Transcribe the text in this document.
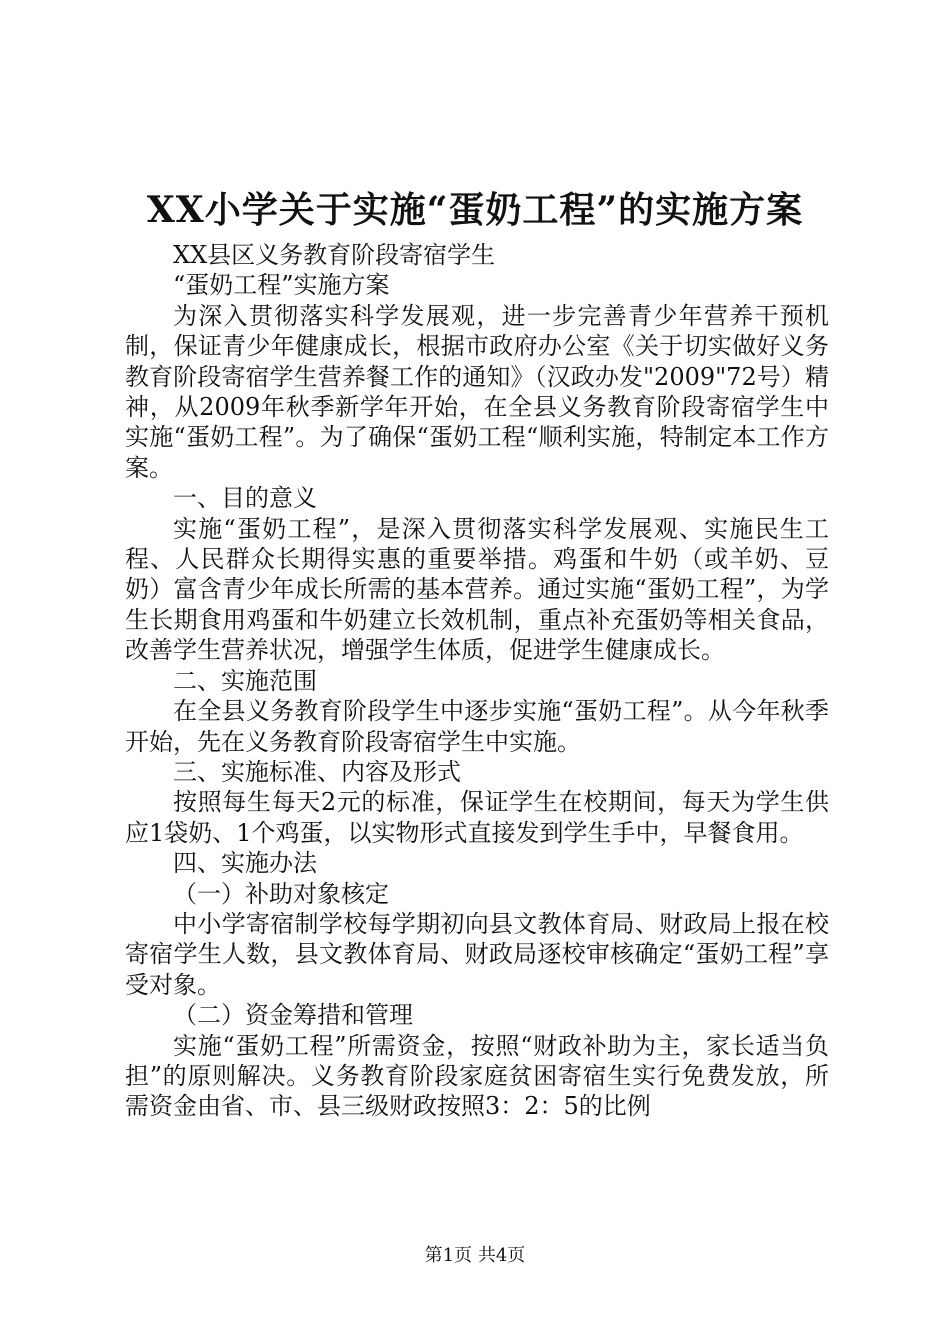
XX小学关于实施“蛋奶工程”的实施方案

XX县区义务教育阶段寄宿学生

“蛋奶工程”实施方案

为深入贯彻落实科学发展观，进一步完善青少年营养干预机制，保证青少年健康成长，根据市政府办公室《关于切实做好义务教育阶段寄宿学生营养餐工作的通知》（汉政办发"2009"72号）精神，从2009年秋季新学年开始，在全县义务教育阶段寄宿学生中实施“蛋奶工程”。为了确保“蛋奶工程“顺利实施，特制定本工作方案。

一、目的意义

实施“蛋奶工程”，是深入贯彻落实科学发展观、实施民生工程、人民群众长期得实惠的重要举措。鸡蛋和牛奶（或羊奶、豆奶）富含青少年成长所需的基本营养。通过实施“蛋奶工程”，为学生长期食用鸡蛋和牛奶建立长效机制，重点补充蛋奶等相关食品，改善学生营养状况，增强学生体质，促进学生健康成长。

二、实施范围

在全县义务教育阶段学生中逐步实施“蛋奶工程”。从今年秋季开始，先在义务教育阶段寄宿学生中实施。

三、实施标准、内容及形式

按照每生每天2元的标准，保证学生在校期间，每天为学生供应1袋奶、1个鸡蛋，以实物形式直接发到学生手中，早餐食用。

四、实施办法

（一）补助对象核定

中小学寄宿制学校每学期初向县文教体育局、财政局上报在校寄宿学生人数，县文教体育局、财政局逐校审核确定“蛋奶工程”享受对象。

（二）资金筹措和管理

实施“蛋奶工程”所需资金，按照“财政补助为主，家长适当负担”的原则解决。义务教育阶段家庭贫困寄宿生实行免费发放，所需资金由省、市、县三级财政按照3：2：5的比例

第1页 共4页
